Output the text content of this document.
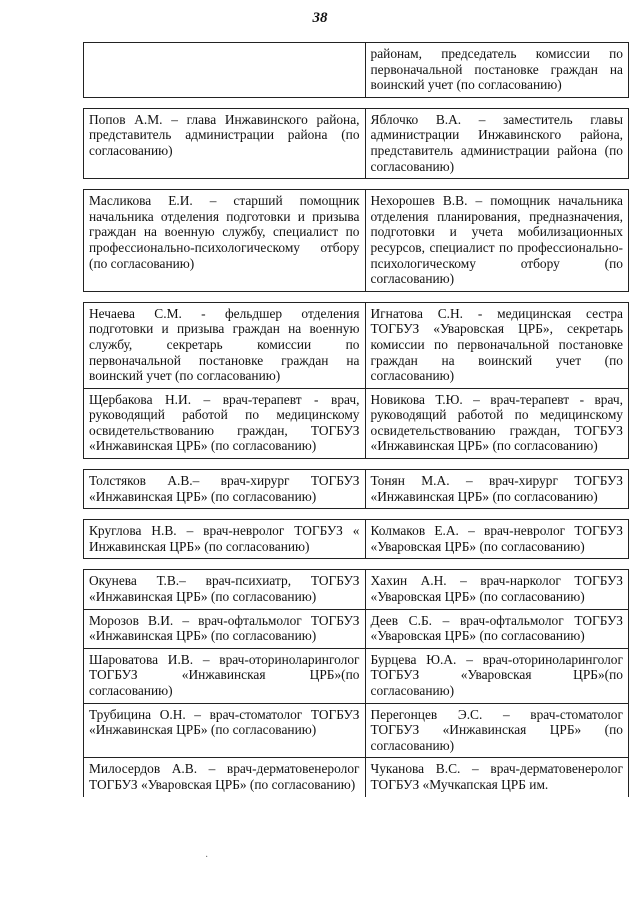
38
	районам, председатель комиссии по первоначальной постановке граждан на воинский учет (по согласованию)

Попов А.М. – глава Инжавинского района, представитель администрации района (по согласованию)	Яблочко В.А. – заместитель главы администрации Инжавинского района, представитель администрации района (по согласованию)

Масликова Е.И. – старший помощник начальника отделения подготовки и призыва граждан на военную службу, специалист по профессионально-психологическому отбору (по согласованию)	Нехорошев В.В. – помощник начальника отделения планирования, предназначения, подготовки и учета мобилизационных ресурсов, специалист по профессионально-психологическому отбору (по согласованию)

Нечаева С.М. - фельдшер отделения подготовки и призыва граждан на военную службу, секретарь комиссии по первоначальной постановке граждан на воинский учет (по согласованию)	Игнатова С.Н. - медицинская сестра ТОГБУЗ «Уваровская ЦРБ», секретарь комиссии по первоначальной постановке граждан на воинский учет (по согласованию)
Щербакова Н.И. – врач-терапевт - врач, руководящий работой по медицинскому освидетельствованию граждан, ТОГБУЗ «Инжавинская ЦРБ» (по согласованию)	Новикова Т.Ю. – врач-терапевт - врач, руководящий работой по медицинскому освидетельствованию граждан, ТОГБУЗ «Инжавинская ЦРБ» (по согласованию)

Толстяков А.В.– врач-хирург ТОГБУЗ «Инжавинская ЦРБ» (по согласованию)	Тонян М.А. – врач-хирург ТОГБУЗ «Инжавинская ЦРБ» (по согласованию)

Круглова Н.В. – врач-невролог ТОГБУЗ « Инжавинская ЦРБ» (по согласованию)	Колмаков Е.А. – врач-невролог ТОГБУЗ «Уваровская ЦРБ» (по согласованию)

Окунева Т.В.– врач-психиатр, ТОГБУЗ «Инжавинская ЦРБ» (по согласованию)	Хахин А.Н. – врач-нарколог ТОГБУЗ «Уваровская ЦРБ» (по согласованию)
Морозов В.И. – врач-офтальмолог ТОГБУЗ «Инжавинская ЦРБ» (по согласованию)	Деев С.Б. – врач-офтальмолог ТОГБУЗ «Уваровская ЦРБ» (по согласованию)
Шароватова И.В. – врач-оториноларинголог ТОГБУЗ «Инжавинская ЦРБ»(по согласованию)	Бурцева Ю.А. – врач-оториноларинголог ТОГБУЗ «Уваровская ЦРБ»(по согласованию)
Трубицина О.Н. – врач-стоматолог ТОГБУЗ «Инжавинская ЦРБ» (по согласованию)	Перегонцев Э.С. – врач-стоматолог ТОГБУЗ «Инжавинская ЦРБ» (по согласованию)
Милосердов А.В. – врач-дерматовенеролог ТОГБУЗ «Уваровская ЦРБ» (по согласованию)	Чуканова В.С. – врач-дерматовенеролог ТОГБУЗ «Мучкапская ЦРБ им.
·
